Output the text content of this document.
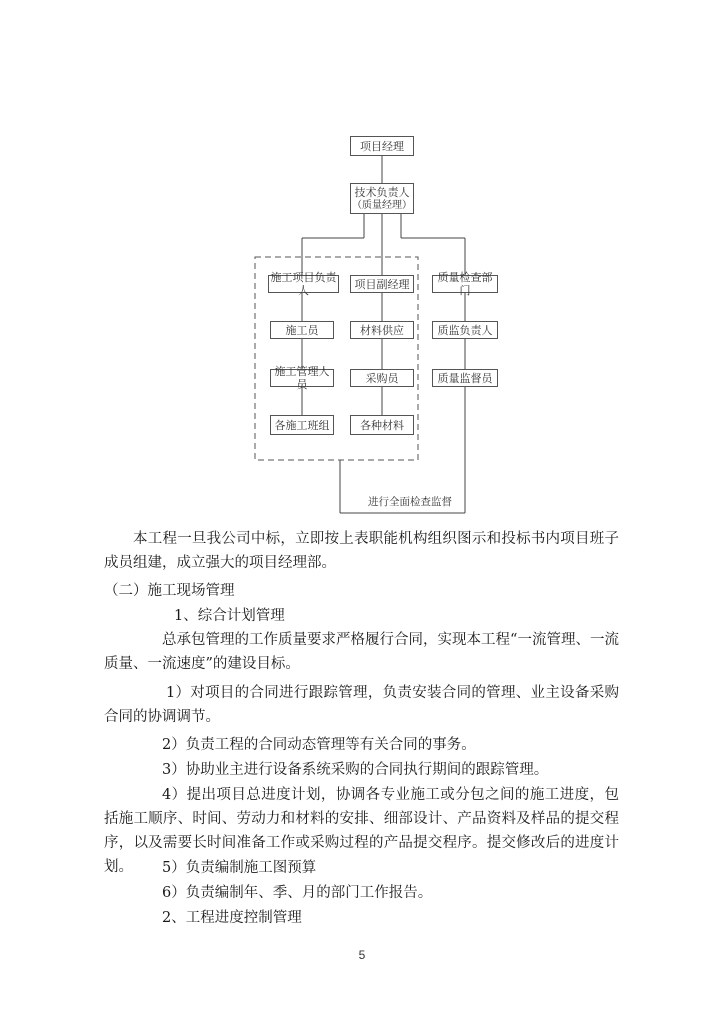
项目经理
技术负责人
（质量经理）
施工项目负责人	项目副经理	质量检查部门
施工员	材料供应	质监负责人
施工管理人员	采购员	质量监督员
各施工班组	各种材料
进行全面检查监督

本工程一旦我公司中标，立即按上表职能机构组织图示和投标书内项目班子成员组建，成立强大的项目经理部。

（二）施工现场管理

1、综合计划管理

总承包管理的工作质量要求严格履行合同，实现本工程“一流管理、一流质量、一流速度”的建设目标。

1）对项目的合同进行跟踪管理，负责安装合同的管理、业主设备采购合同的协调调节。

2）负责工程的合同动态管理等有关合同的事务。

3）协助业主进行设备系统采购的合同执行期间的跟踪管理。

4）提出项目总进度计划，协调各专业施工或分包之间的施工进度，包括施工顺序、时间、劳动力和材料的安排、细部设计、产品资料及样品的提交程序，以及需要长时间准备工作或采购过程的产品提交程序。提交修改后的进度计划。	5）负责编制施工图预算

6）负责编制年、季、月的部门工作报告。

2、工程进度控制管理

5
